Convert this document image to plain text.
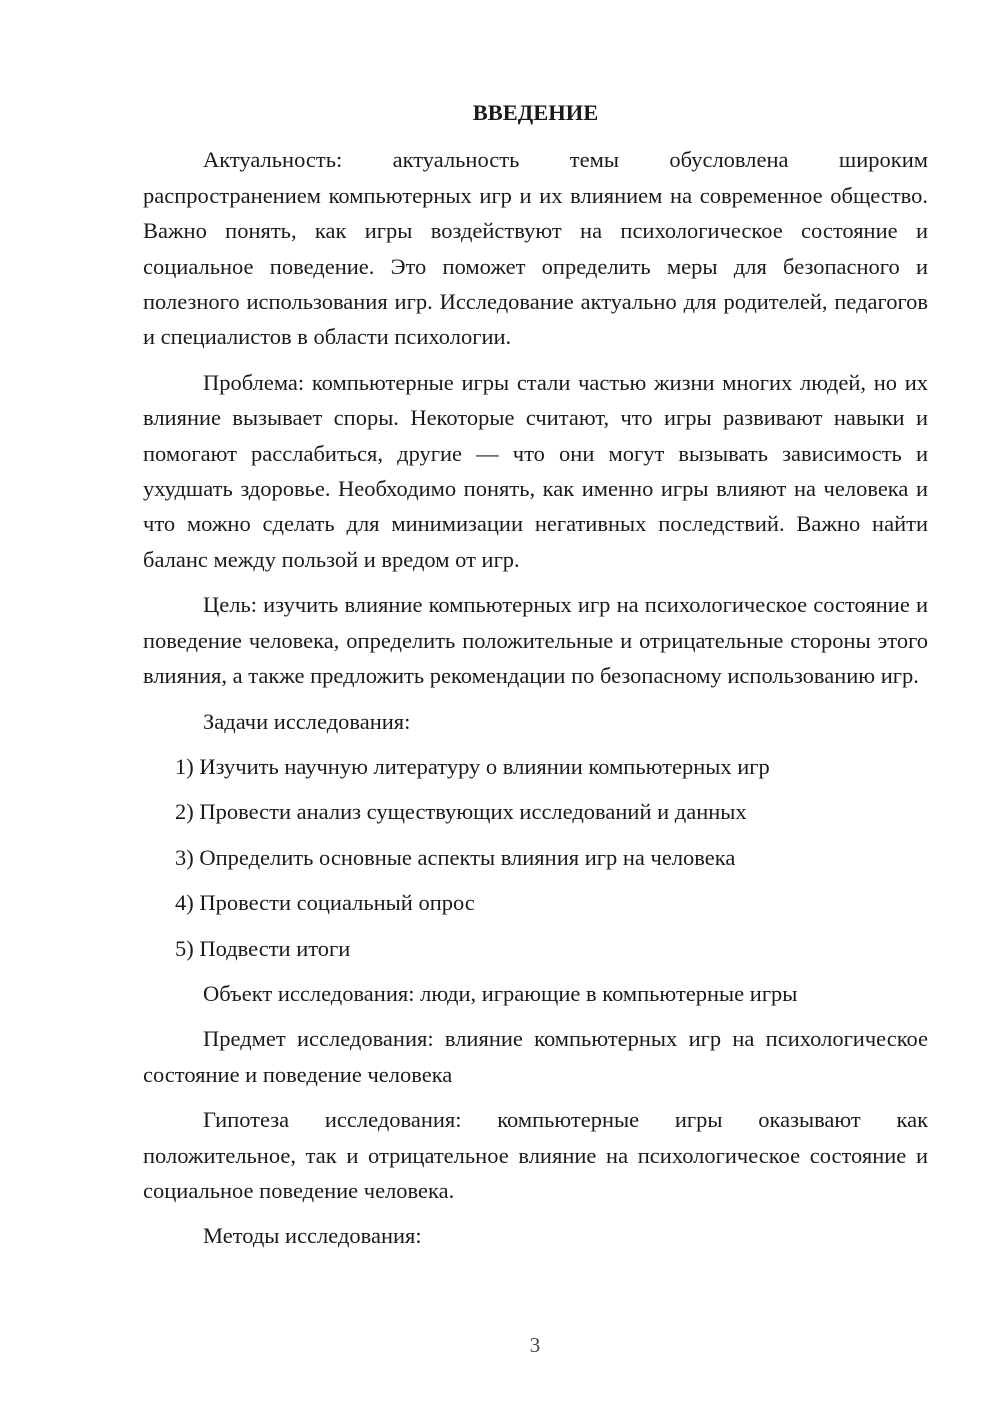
ВВЕДЕНИЕ

Актуальность: актуальность темы обусловлена широким распространением компьютерных игр и их влиянием на современное общество. Важно понять, как игры воздействуют на психологическое состояние и социальное поведение. Это поможет определить меры для безопасного и полезного использования игр. Исследование актуально для родителей, педагогов и специалистов в области психологии.

Проблема: компьютерные игры стали частью жизни многих людей, но их влияние вызывает споры. Некоторые считают, что игры развивают навыки и помогают расслабиться, другие — что они могут вызывать зависимость и ухудшать здоровье. Необходимо понять, как именно игры влияют на человека и что можно сделать для минимизации негативных последствий. Важно найти баланс между пользой и вредом от игр.

Цель: изучить влияние компьютерных игр на психологическое состояние и поведение человека, определить положительные и отрицательные стороны этого влияния, а также предложить рекомендации по безопасному использованию игр.

Задачи исследования:
1) Изучить научную литературу о влиянии компьютерных игр
2) Провести анализ существующих исследований и данных
3) Определить основные аспекты влияния игр на человека
4) Провести социальный опрос
5) Подвести итоги
Объект исследования: люди, играющие в компьютерные игры

Предмет исследования: влияние компьютерных игр на психологическое состояние и поведение человека

Гипотеза исследования: компьютерные игры оказывают как положительное, так и отрицательное влияние на психологическое состояние и социальное поведение человека.

Методы исследования:
3
